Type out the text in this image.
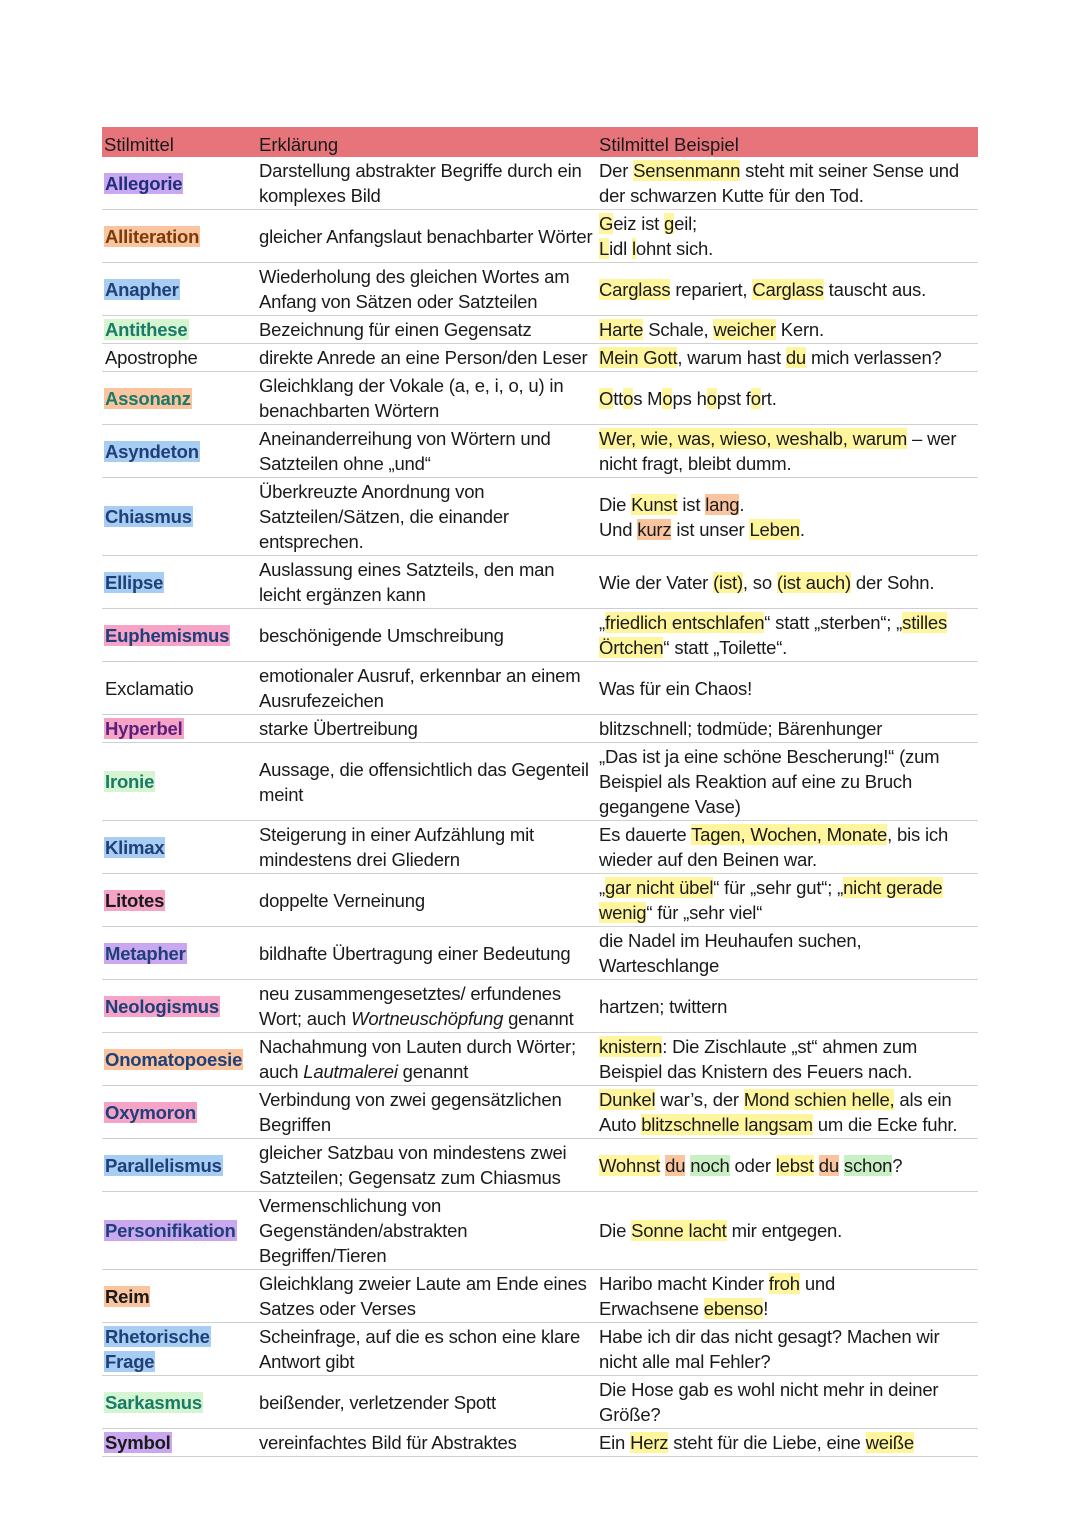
Stilmittel	Erklärung	Stilmittel Beispiel
Allegorie	Darstellung abstrakter Begriffe durch ein komplexes Bild	Der Sensenmann steht mit seiner Sense und der schwarzen Kutte für den Tod.
Alliteration	gleicher Anfangslaut benachbarter Wörter	Geiz ist geil;
Lidl lohnt sich.
Anapher	Wiederholung des gleichen Wortes am Anfang von Sätzen oder Satzteilen	Carglass repariert, Carglass tauscht aus.
Antithese	Bezeichnung für einen Gegensatz	Harte Schale, weicher Kern.
Apostrophe	direkte Anrede an eine Person/den Leser	Mein Gott, warum hast du mich verlassen?
Assonanz	Gleichklang der Vokale (a, e, i, o, u) in benachbarten Wörtern	Ottos Mops hopst fort.
Asyndeton	Aneinanderreihung von Wörtern und Satzteilen ohne „und“	Wer, wie, was, wieso, weshalb, warum – wer nicht fragt, bleibt dumm.
Chiasmus	Überkreuzte Anordnung von Satzteilen/Sätzen, die einander entsprechen.	Die Kunst ist lang.
Und kurz ist unser Leben.
Ellipse	Auslassung eines Satzteils, den man leicht ergänzen kann	Wie der Vater (ist), so (ist auch) der Sohn.
Euphemismus	beschönigende Umschreibung	„friedlich entschlafen“ statt „sterben“; „stilles Örtchen“ statt „Toilette“.
Exclamatio	emotionaler Ausruf, erkennbar an einem Ausrufezeichen	Was für ein Chaos!
Hyperbel	starke Übertreibung	blitzschnell; todmüde; Bärenhunger
Ironie	Aussage, die offensichtlich das Gegenteil meint	„Das ist ja eine schöne Bescherung!“ (zum Beispiel als Reaktion auf eine zu Bruch gegangene Vase)
Klimax	Steigerung in einer Aufzählung mit mindestens drei Gliedern	Es dauerte Tagen, Wochen, Monate, bis ich wieder auf den Beinen war.
Litotes	doppelte Verneinung	„gar nicht übel“ für „sehr gut“; „nicht gerade wenig“ für „sehr viel“
Metapher	bildhafte Übertragung einer Bedeutung	die Nadel im Heuhaufen suchen, Warteschlange
Neologismus	neu zusammengesetztes/ erfundenes Wort; auch Wortneuschöpfung genannt	hartzen; twittern
Onomatopoesie	Nachahmung von Lauten durch Wörter; auch Lautmalerei genannt	knistern: Die Zischlaute „st“ ahmen zum Beispiel das Knistern des Feuers nach.
Oxymoron	Verbindung von zwei gegensätzlichen Begriffen	Dunkel war’s, der Mond schien helle, als ein Auto blitzschnelle langsam um die Ecke fuhr.
Parallelismus	gleicher Satzbau von mindestens zwei Satzteilen; Gegensatz zum Chiasmus	Wohnst du noch oder lebst du schon?
Personifikation	Vermenschlichung von Gegenständen/abstrakten Begriffen/Tieren	Die Sonne lacht mir entgegen.
Reim	Gleichklang zweier Laute am Ende eines Satzes oder Verses	Haribo macht Kinder froh und
Erwachsene ebenso!
Rhetorische Frage	Scheinfrage, auf die es schon eine klare Antwort gibt	Habe ich dir das nicht gesagt? Machen wir nicht alle mal Fehler?
Sarkasmus	beißender, verletzender Spott	Die Hose gab es wohl nicht mehr in deiner Größe?
Symbol	vereinfachtes Bild für Abstraktes	Ein Herz steht für die Liebe, eine weiße
